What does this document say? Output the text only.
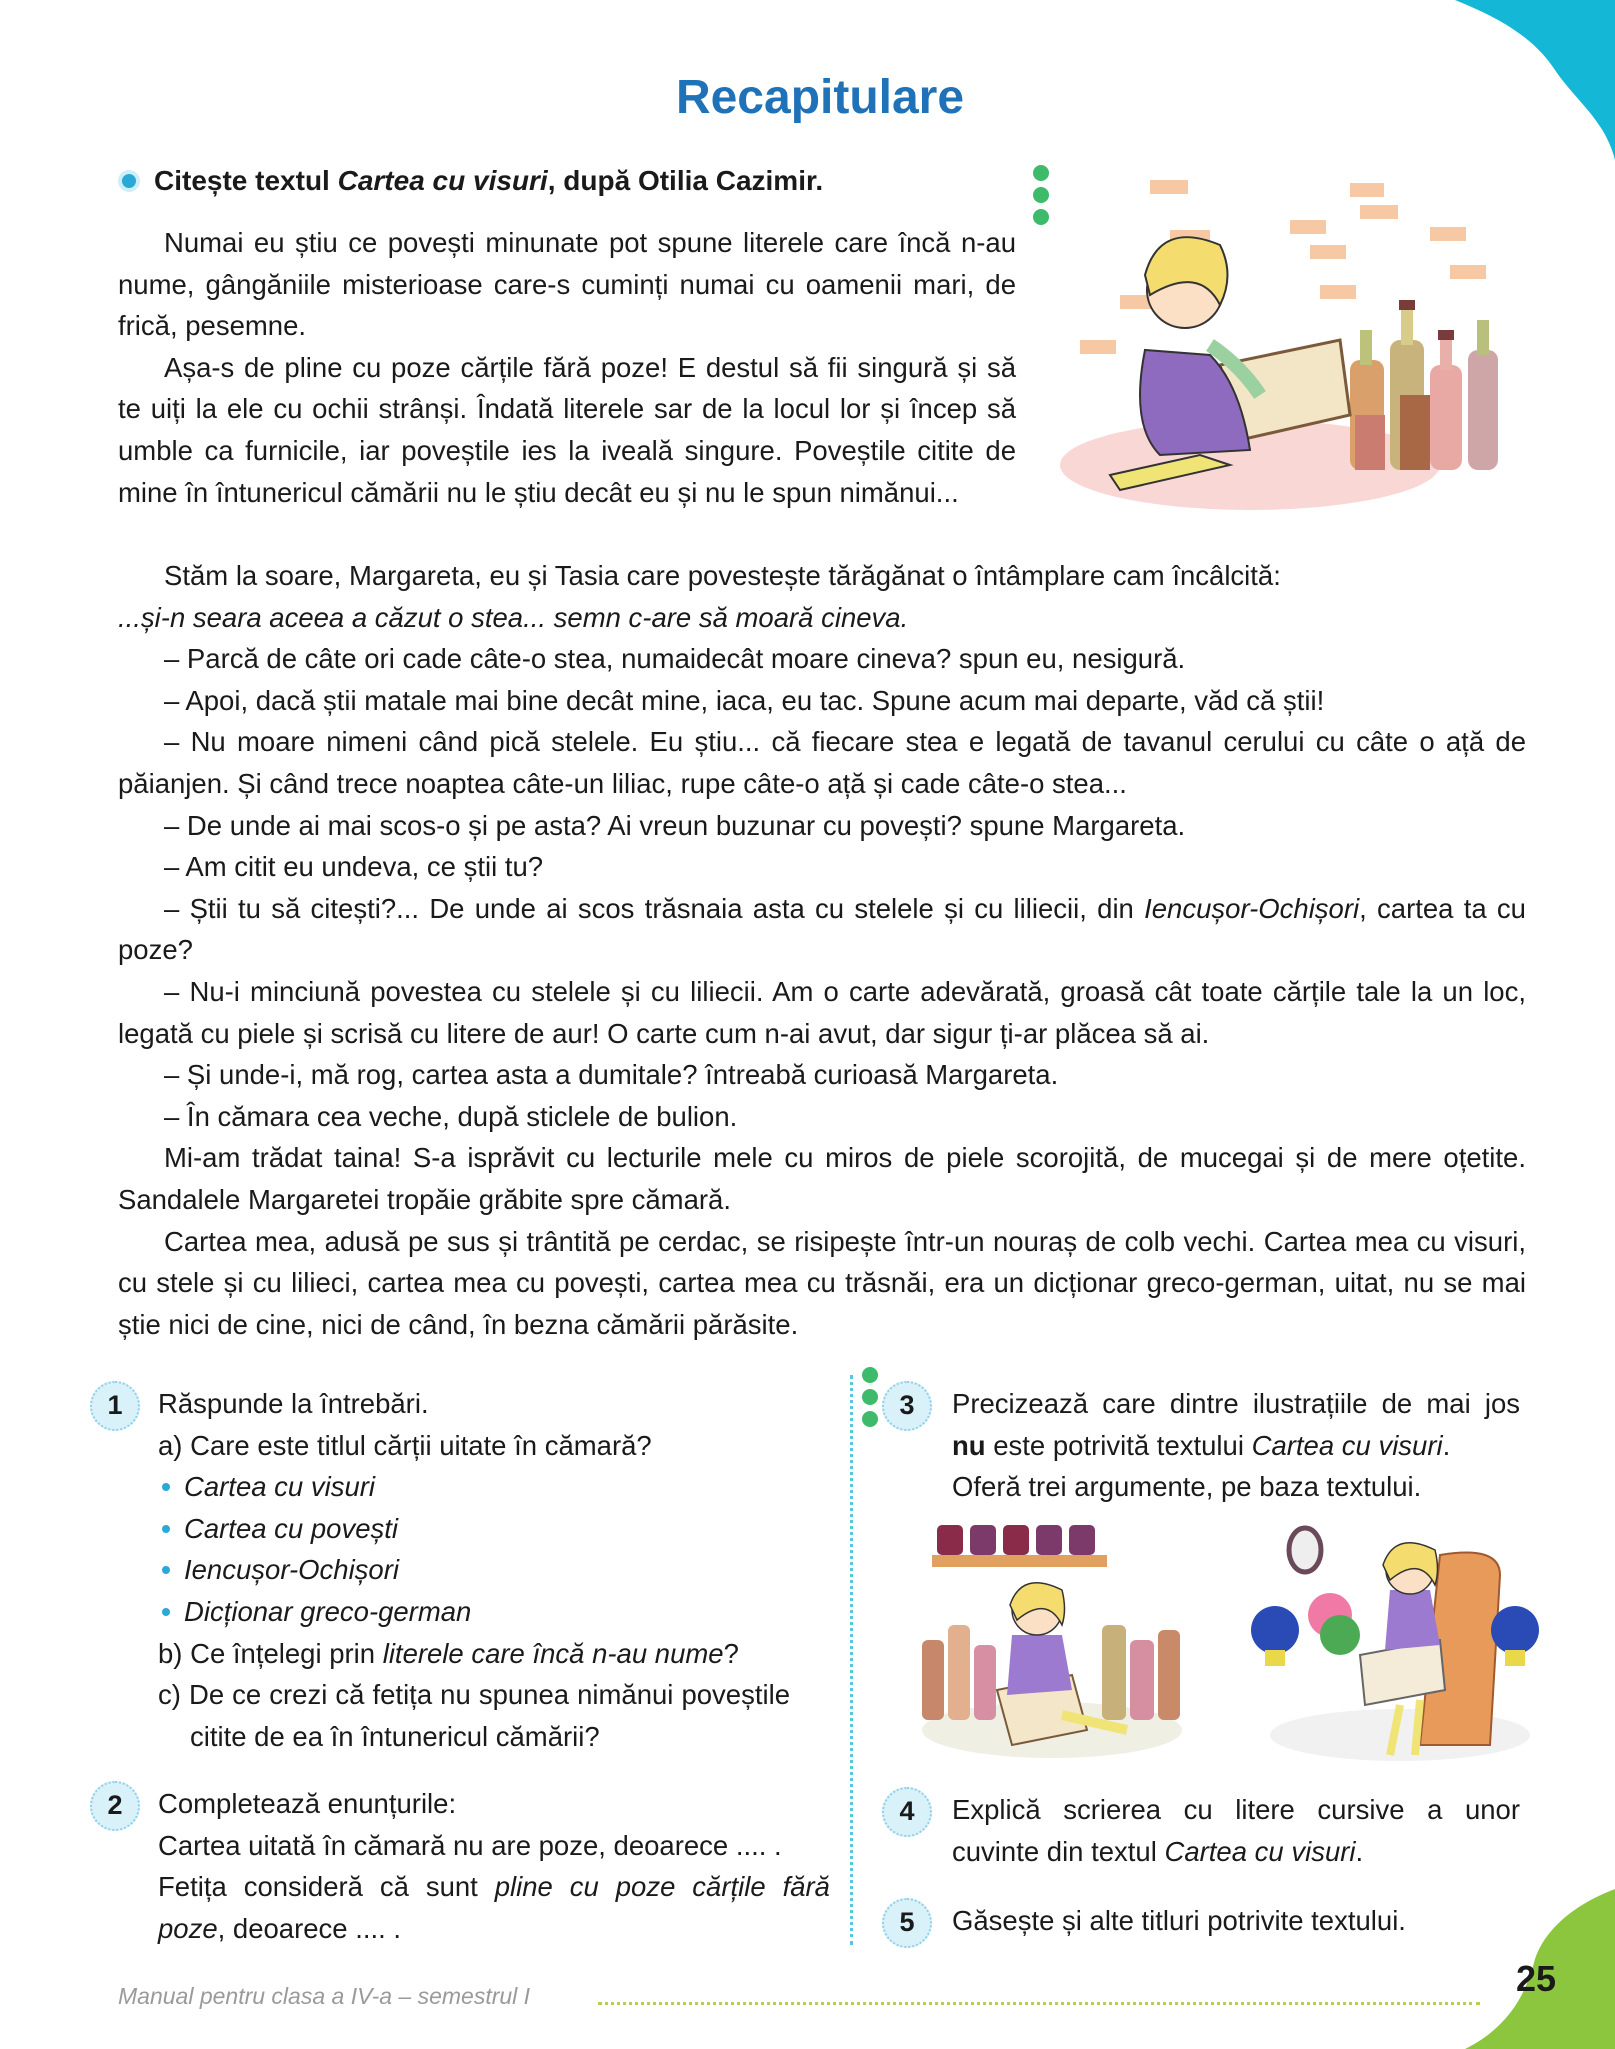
Recapitulare
Citește textul Cartea cu visuri, după Otilia Cazimir.

Numai eu știu ce povești minunate pot spune literele care încă n-au nume, gângăniile misterioase care-s cuminți numai cu oamenii mari, de frică, pesemne.

Așa-s de pline cu poze cărțile fără poze! E destul să fii singură și să te uiți la ele cu ochii strânși. Îndată literele sar de la locul lor și încep să umble ca furnicile, iar poveștile ies la iveală singure. Poveștile citite de mine în întunericul cămării nu le știu decât eu și nu le spun nimănui...

Stăm la soare, Margareta, eu și Tasia care povestește tărăgănat o întâmplare cam încâlcită:

...și-n seara aceea a căzut o stea... semn c-are să moară cineva.

– Parcă de câte ori cade câte-o stea, numaidecât moare cineva? spun eu, nesigură.

– Apoi, dacă știi matale mai bine decât mine, iaca, eu tac. Spune acum mai departe, văd că știi!

– Nu moare nimeni când pică stelele. Eu știu... că fiecare stea e legată de tavanul cerului cu câte o ață de păianjen. Și când trece noaptea câte-un liliac, rupe câte-o ață și cade câte-o stea...

– De unde ai mai scos-o și pe asta? Ai vreun buzunar cu povești? spune Margareta.

– Am citit eu undeva, ce știi tu?

– Știi tu să citești?... De unde ai scos trăsnaia asta cu stelele și cu liliecii, din Iencușor-Ochișori, cartea ta cu poze?

– Nu-i minciună povestea cu stelele și cu liliecii. Am o carte adevărată, groasă cât toate cărțile tale la un loc, legată cu piele și scrisă cu litere de aur! O carte cum n-ai avut, dar sigur ți-ar plăcea să ai.

– Și unde-i, mă rog, cartea asta a dumitale? întreabă curioasă Margareta.

– În cămara cea veche, după sticlele de bulion.

Mi-am trădat taina! S-a isprăvit cu lecturile mele cu miros de piele scorojită, de mucegai și de mere oțetite. Sandalele Margaretei tropăie grăbite spre cămară.

Cartea mea, adusă pe sus și trântită pe cerdac, se risipește într-un nouraș de colb vechi. Cartea mea cu visuri, cu stele și cu lilieci, cartea mea cu povești, cartea mea cu trăsnăi, era un dicționar greco-german, uitat, nu se mai știe nici de cine, nici de când, în bezna cămării părăsite.

1	Răspunde la întrebări.
a) Care este titlul cărții uitate în cămară?
Cartea cu visuri
Cartea cu povești
Iencușor-Ochișori
Dicționar greco-german
b) Ce înțelegi prin literele care încă n-au nume?
c) De ce crezi că fetița nu spunea nimănui poveștile citite de ea în întunericul cămării?
2	Completează enunțurile:
Cartea uitată în cămară nu are poze, deoarece .... .
Fetița consideră că sunt pline cu poze cărțile fără poze, deoarece .... .
3	Precizează care dintre ilustrațiile de mai jos nu este potrivită textului Cartea cu visuri.
Oferă trei argumente, pe baza textului.
4	Explică scrierea cu litere cursive a unor cuvinte din textul Cartea cu visuri.
5	Găsește și alte titluri potrivite textului.
Manual pentru clasa a IV-a – semestrul I	25
